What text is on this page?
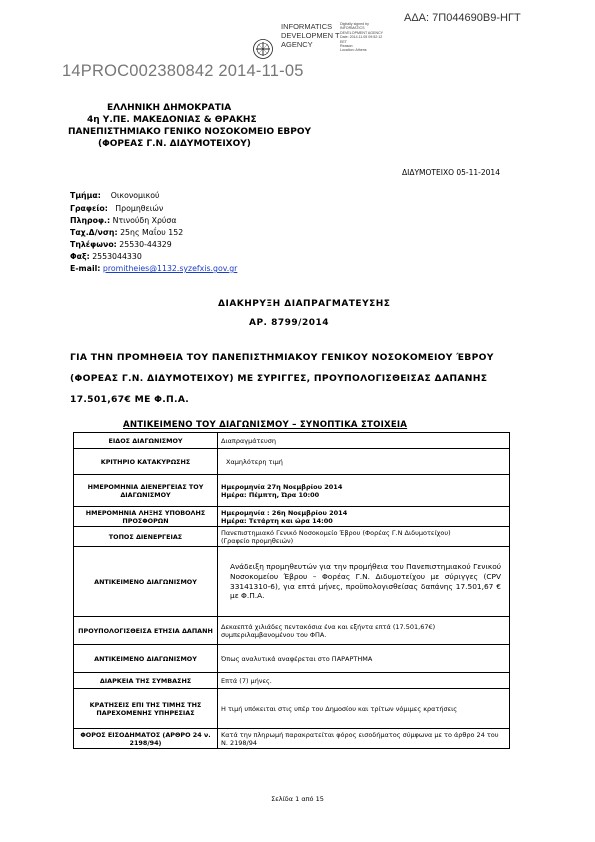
ΑΔΑ: 7Π044690Β9-ΗΓΤ
INFORMATICS DEVELOPMEN T AGENCY
Digitally signed by
INFORMATICS
DEVELOPMENT AGENCY
Date: 2014.11.05 09:52:12
EET
Reason:
Location: Athens
14PROC002380842 2014-11-05
ΕΛΛΗΝΙΚΗ ΔΗΜΟΚΡΑΤΙΑ
4η Υ.ΠΕ. ΜΑΚΕΔΟΝΙΑΣ & ΘΡΑΚΗΣ
ΠΑΝΕΠΙΣΤΗΜΙΑΚΟ ΓΕΝΙΚΟ ΝΟΣΟΚΟΜΕΙΟ ΕΒΡΟΥ
(ΦΟΡΕΑΣ Γ.Ν. ΔΙΔΥΜΟΤΕΙΧΟΥ)
ΔΙΔΥΜΟΤΕΙΧΟ 05-11-2014
Τμήμα: Οικονομικού
Γραφείο: Προμηθειών
Πληροφ.: Ντινούδη Χρύσα
Ταχ.Δ/νση: 25ης Μαΐου 152
Τηλέφωνο: 25530-44329
Φαξ: 2553044330
E-mail: promitheies@1132.syzefxis.gov.gr
ΔΙΑΚΗΡΥΞΗ ΔΙΑΠΡΑΓΜΑΤΕΥΣΗΣ
ΑΡ. 8799/2014
ΓΙΑ ΤΗΝ ΠΡΟΜΗΘΕΙΑ ΤΟΥ ΠΑΝΕΠΙΣΤΗΜΙΑΚΟΥ ΓΕΝΙΚΟΥ ΝΟΣΟΚΟΜΕΙΟΥ ΈΒΡΟΥ
(ΦΟΡΕΑΣ Γ.Ν. ΔΙΔΥΜΟΤΕΙΧΟΥ) ΜΕ ΣΥΡΙΓΓΕΣ, ΠΡΟΥΠΟΛΟΓΙΣΘΕΙΣΑΣ ΔΑΠΑΝΗΣ
17.501,67€ ΜΕ Φ.Π.Α.
ΑΝΤΙΚΕΙΜΕΝΟ ΤΟΥ ΔΙΑΓΩΝΙΣΜΟΥ – ΣΥΝΟΠΤΙΚΑ ΣΤΟΙΧΕΙΑ
ΕΙΔΟΣ ΔΙΑΓΩΝΙΣΜΟΥ	Διαπραγμάτευση
ΚΡΙΤΗΡΙΟ ΚΑΤΑΚΥΡΩΣΗΣ	Χαμηλότερη τιμή
ΗΜΕΡΟΜΗΝΙΑ ΔΙΕΝΕΡΓΕΙΑΣ ΤΟΥ ΔΙΑΓΩΝΙΣΜΟΥ	Ημερομηνία 27η Νοεμβρίου 2014
Ημέρα: Πέμπτη, Ώρα 10:00
ΗΜΕΡΟΜΗΝΙΑ ΛΗΞΗΣ ΥΠΟΒΟΛΗΣ ΠΡΟΣΦΟΡΩΝ	Ημερομηνία : 26η Νοεμβρίου 2014
Ημέρα: Τετάρτη και ώρα 14:00
ΤΟΠΟΣ ΔΙΕΝΕΡΓΕΙΑΣ	Πανεπιστημιακό Γενικό Νοσοκομείο Έβρου (Φορέας Γ.Ν Διδυμοτείχου)
(Γραφείο προμηθειών)
ΑΝΤΙΚΕΙΜΕΝΟ ΔΙΑΓΩΝΙΣΜΟΥ	Ανάδειξη προμηθευτών για την προμήθεια του Πανεπιστημιακού Γενικού Νοσοκομείου Έβρου – Φορέας Γ.Ν. Διδυμοτείχου με σύριγγες (CPV 33141310-6), για επτά μήνες, προϋπολογισθείσας δαπάνης 17.501,67 € με Φ.Π.Α.
ΠΡΟΥΠΟΛΟΓΙΣΘΕΙΣΑ ΕΤΗΣΙΑ ΔΑΠΑΝΗ	Δεκαεπτά χιλιάδες πεντακόσια ένα και εξήντα επτά (17.501,67€) συμπεριλαμβανομένου του ΦΠΑ.
ΑΝΤΙΚΕΙΜΕΝΟ ΔΙΑΓΩΝΙΣΜΟΥ	Όπως αναλυτικά αναφέρεται στο ΠΑΡΑΡΤΗΜΑ
ΔΙΑΡΚΕΙΑ ΤΗΣ ΣΥΜΒΑΣΗΣ	Επτά (7) μήνες.
ΚΡΑΤΗΣΕΙΣ ΕΠΙ ΤΗΣ ΤΙΜΗΣ ΤΗΣ ΠΑΡΕΧΟΜΕΝΗΣ ΥΠΗΡΕΣΙΑΣ	Η τιμή υπόκειται στις υπέρ του Δημοσίου και τρίτων νόμιμες κρατήσεις
ΦΟΡΟΣ ΕΙΣΟΔΗΜΑΤΟΣ (ΑΡΘΡΟ 24 ν. 2198/94)	Κατά την πληρωμή παρακρατείται φόρος εισοδήματος σύμφωνα με το άρθρο 24 του Ν. 2198/94
Σελίδα 1 από 15
